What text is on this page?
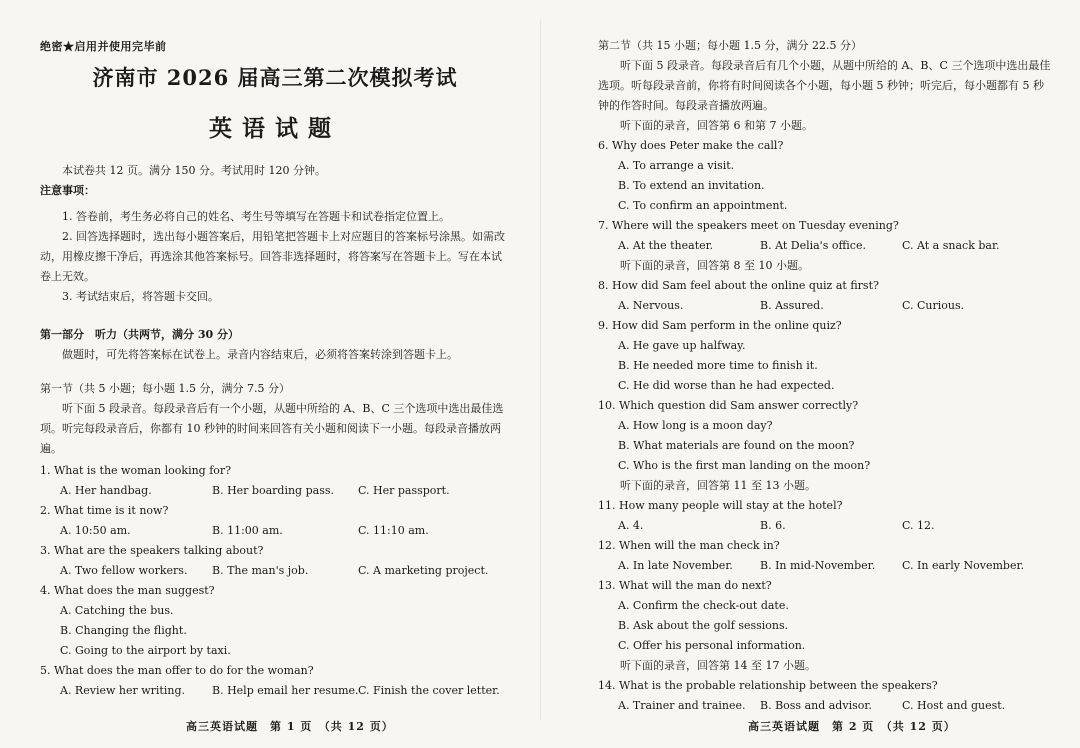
绝密★启用并使用完毕前
济南市 2026 届高三第二次模拟考试
英语试题

本试卷共 12 页。满分 150 分。考试用时 120 分钟。

注意事项：

1. 答卷前，考生务必将自己的姓名、考生号等填写在答题卡和试卷指定位置上。

2. 回答选择题时，选出每小题答案后，用铅笔把答题卡上对应题目的答案标号涂黑。如需改动，用橡皮擦干净后，再选涂其他答案标号。回答非选择题时，将答案写在答题卡上。写在本试卷上无效。

3. 考试结束后，将答题卡交回。

第一部分　听力（共两节，满分 30 分）

做题时，可先将答案标在试卷上。录音内容结束后，必须将答案转涂到答题卡上。

第一节（共 5 小题；每小题 1.5 分，满分 7.5 分）

听下面 5 段录音。每段录音后有一个小题，从题中所给的 A、B、C 三个选项中选出最佳选项。听完每段录音后，你都有 10 秒钟的时间来回答有关小题和阅读下一小题。每段录音播放两遍。

1. What is the woman looking for?

A. Her handbag.	B. Her boarding pass.	C. Her passport.

2. What time is it now?

A. 10:50 am.	B. 11:00 am.	C. 11:10 am.

3. What are the speakers talking about?

A. Two fellow workers.	B. The man's job.	C. A marketing project.

4. What does the man suggest?

A. Catching the bus.

B. Changing the flight.

C. Going to the airport by taxi.

5. What does the man offer to do for the woman?

A. Review her writing.	B. Help email her resume. C. Finish the cover letter.
高三英语试题　第 1 页　（共 12 页）

第二节（共 15 小题；每小题 1.5 分，满分 22.5 分）

听下面 5 段录音。每段录音后有几个小题，从题中所给的 A、B、C 三个选项中选出最佳选项。听每段录音前，你将有时间阅读各个小题，每小题 5 秒钟；听完后，每小题都有 5 秒钟的作答时间。每段录音播放两遍。

听下面的录音，回答第 6 和第 7 小题。

6. Why does Peter make the call?

A. To arrange a visit.

B. To extend an invitation.

C. To confirm an appointment.

7. Where will the speakers meet on Tuesday evening?

A. At the theater.	B. At Delia's office.	C. At a snack bar.

听下面的录音，回答第 8 至 10 小题。

8. How did Sam feel about the online quiz at first?

A. Nervous.	B. Assured.	C. Curious.

9. How did Sam perform in the online quiz?

A. He gave up halfway.

B. He needed more time to finish it.

C. He did worse than he had expected.

10. Which question did Sam answer correctly?

A. How long is a moon day?

B. What materials are found on the moon?

C. Who is the first man landing on the moon?

听下面的录音，回答第 11 至 13 小题。

11. How many people will stay at the hotel?

A. 4.	B. 6.	C. 12.

12. When will the man check in?

A. In late November.	B. In mid-November.	C. In early November.

13. What will the man do next?

A. Confirm the check-out date.

B. Ask about the golf sessions.

C. Offer his personal information.

听下面的录音，回答第 14 至 17 小题。

14. What is the probable relationship between the speakers?

A. Trainer and trainee.	B. Boss and advisor.	C. Host and guest.
高三英语试题　第 2 页　（共 12 页）
